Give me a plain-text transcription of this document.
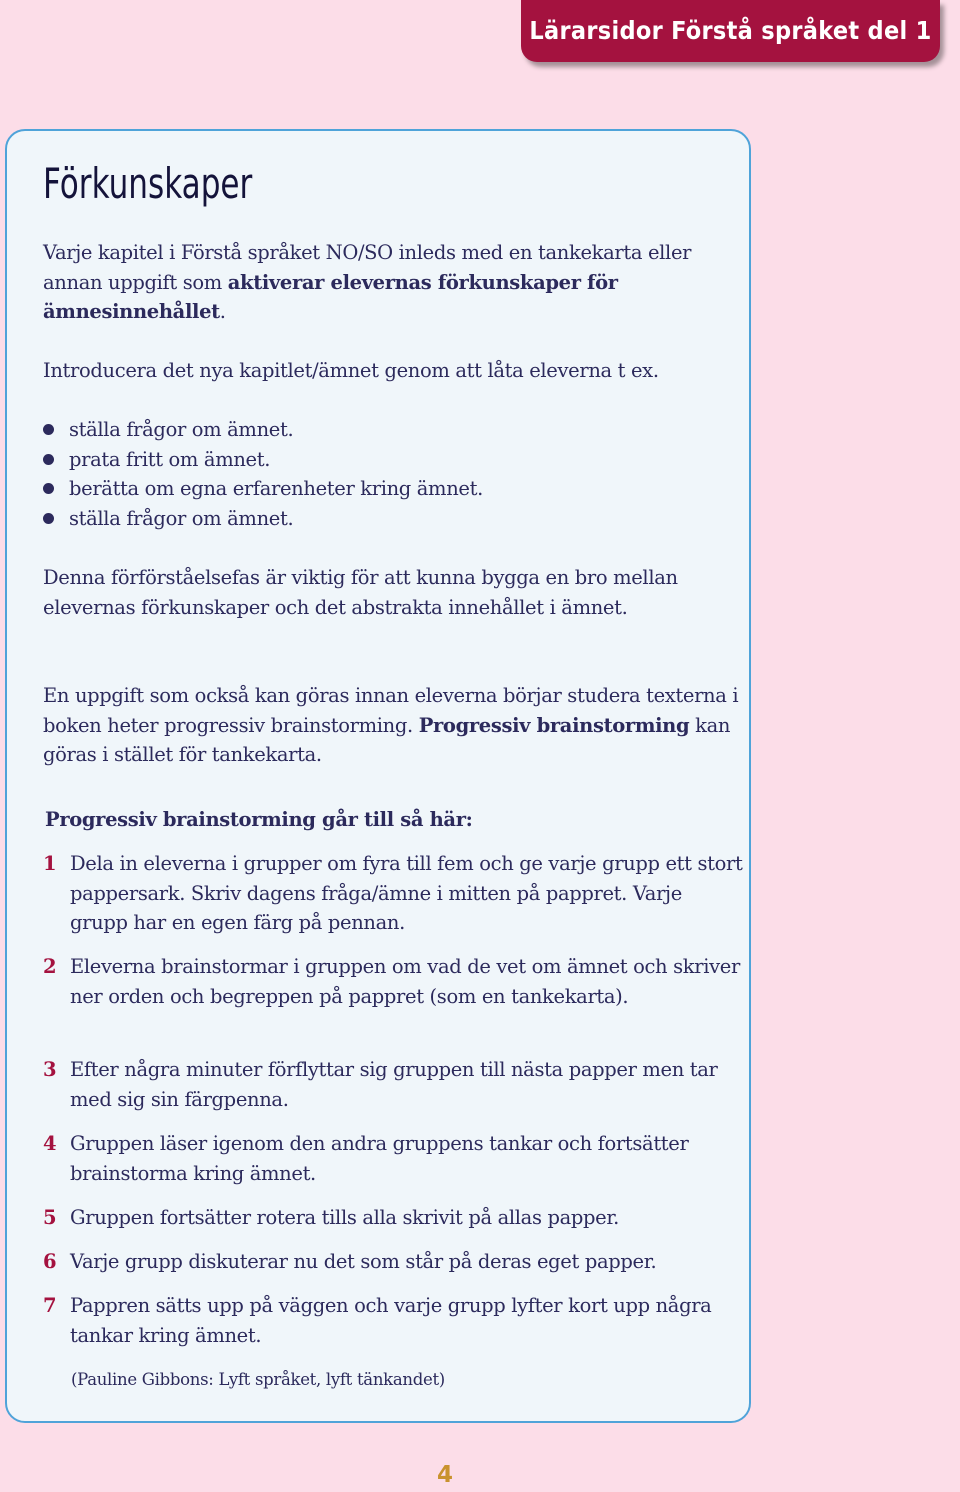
Lärarsidor Förstå språket del 1
Förkunskaper

Varje kapitel i Förstå språket NO/SO inleds med en tankekarta eller annan uppgift som aktiverar elevernas förkunskaper för ämnesinnehållet.

Introducera det nya kapitlet/ämnet genom att låta eleverna t ex.

ställa frågor om ämnet.
prata fritt om ämnet.
berätta om egna erfarenheter kring ämnet.
ställa frågor om ämnet.

Denna förförståelsefas är viktig för att kunna bygga en bro mellan elevernas förkunskaper och det abstrakta innehållet i ämnet.

En uppgift som också kan göras innan eleverna börjar studera texterna i boken heter progressiv brainstorming. Progressiv brainstorming kan göras i stället för tankekarta.

Progressiv brainstorming går till så här:
1 Dela in eleverna i grupper om fyra till fem och ge varje grupp ett stort pappersark. Skriv dagens fråga/ämne i mitten på pappret. Varje grupp har en egen färg på pennan.
2 Eleverna brainstormar i gruppen om vad de vet om ämnet och skriver ner orden och begreppen på pappret (som en tankekarta).
3 Efter några minuter förflyttar sig gruppen till nästa papper men tar med sig sin färgpenna.
4 Gruppen läser igenom den andra gruppens tankar och fortsätter brainstorma kring ämnet.
5 Gruppen fortsätter rotera tills alla skrivit på allas papper.
6 Varje grupp diskuterar nu det som står på deras eget papper.
7 Pappren sätts upp på väggen och varje grupp lyfter kort upp några tankar kring ämnet.
(Pauline Gibbons: Lyft språket, lyft tänkandet)
4
